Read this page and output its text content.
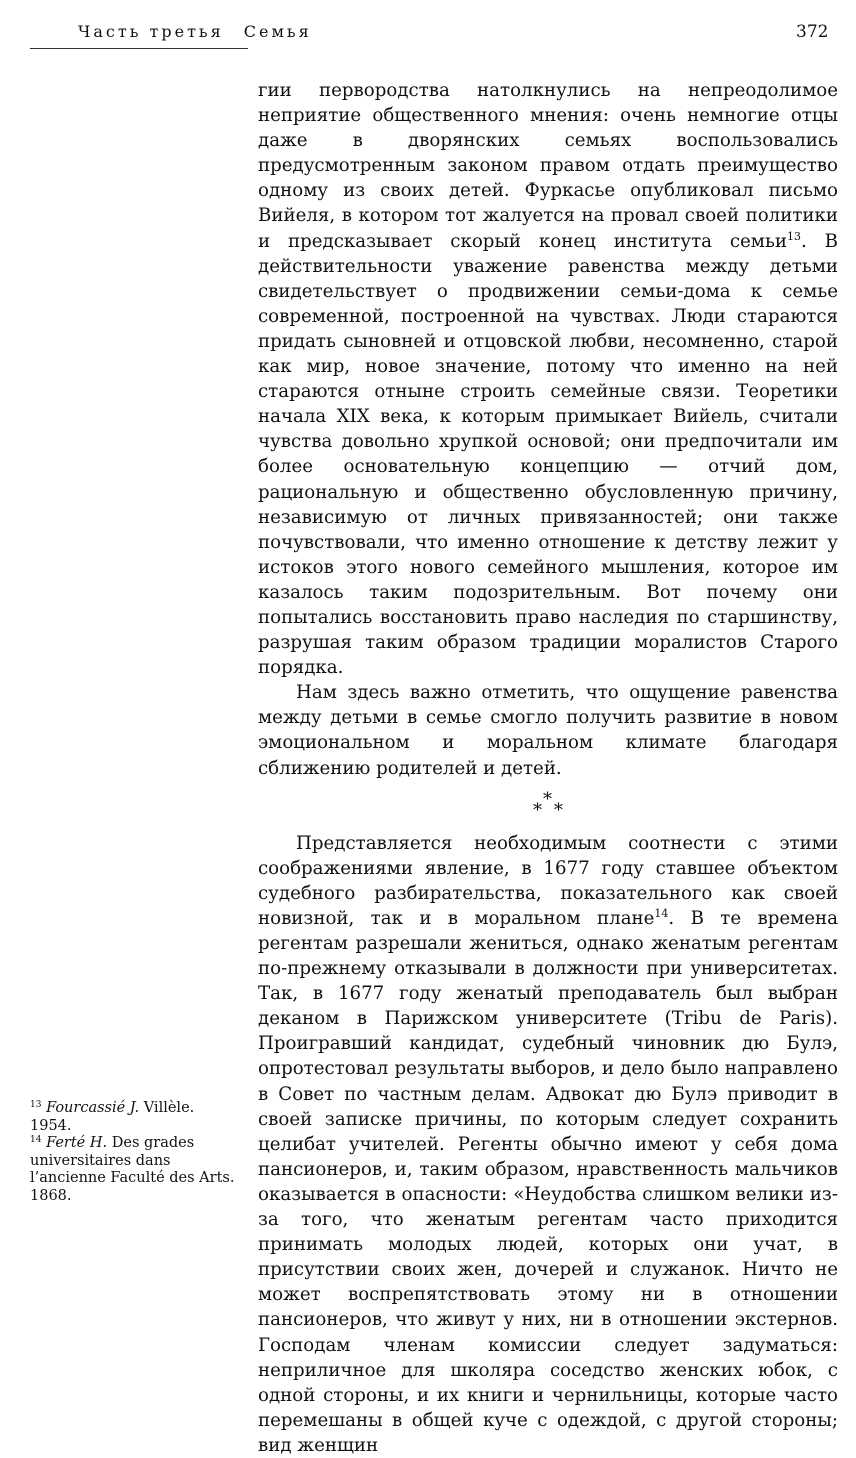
Часть третья Семья	372

гии первородства натолкнулись на непреодолимое неприятие общественного мнения: очень немногие отцы даже в дворянских семьях воспользовались предусмотренным законом правом отдать преимущество одному из своих детей. Фуркасье опубликовал письмо Вийеля, в котором тот жалуется на провал своей политики и предсказывает скорый конец института семьи$^{13}$. В действительности уважение равенства между детьми свидетельствует о продвижении семьи-дома к семье современной, построенной на чувствах. Люди стараются придать сыновней и отцовской любви, несомненно, старой как мир, новое значение, потому что именно на ней стараются отныне строить семейные связи. Теоретики начала XIX века, к которым примыкает Вийель, считали чувства довольно хрупкой основой; они предпочитали им более основательную концепцию — отчий дом, рациональную и общественно обусловленную причину, независимую от личных привязанностей; они также почувствовали, что именно отношение к детству лежит у истоков этого нового семейного мышления, которое им казалось таким подозрительным. Вот почему они попытались восстановить право наследия по старшинству, разрушая таким образом традиции моралистов Старого порядка.

Нам здесь важно отметить, что ощущение равенства между детьми в семье смогло получить развитие в новом эмоциональном и моральном климате благодаря сближению родителей и детей.

*
* *

Представляется необходимым соотнести с этими соображениями явление, в 1677 году ставшее объектом судебного разбирательства, показательного как своей новизной, так и в моральном плане$^{14}$. В те времена регентам разрешали жениться, однако женатым регентам по-прежнему отказывали в должности при университетах. Так, в 1677 году женатый преподаватель был выбран деканом в Парижском университете (Tribu de Paris). Проигравший кандидат, судебный чиновник дю Булэ, опротестовал результаты выборов, и дело было направлено в Совет по частным делам. Адвокат дю Булэ приводит в своей записке причины, по которым следует сохранить целибат учителей. Регенты обычно имеют у себя дома пансионеров, и, таким образом, нравственность мальчиков оказывается в опасности: «Неудобства слишком велики из-за того, что женатым регентам часто приходится принимать молодых людей, которых они учат, в присутствии своих жен, дочерей и служанок. Ничто не может воспрепятствовать этому ни в отношении пансионеров, что живут у них, ни в отношении экстернов. Господам членам комиссии следует задуматься: неприличное для школяра соседство женских юбок, с одной стороны, и их книги и чернильницы, которые часто перемешаны в общей куче с одеждой, с другой стороны; вид женщин

$^{13}$ Fourcassié J. Villèle. 1954.

$^{14}$ Ferté H. Des grades universitaires dans l’ancienne Faculté des Arts. 1868.
